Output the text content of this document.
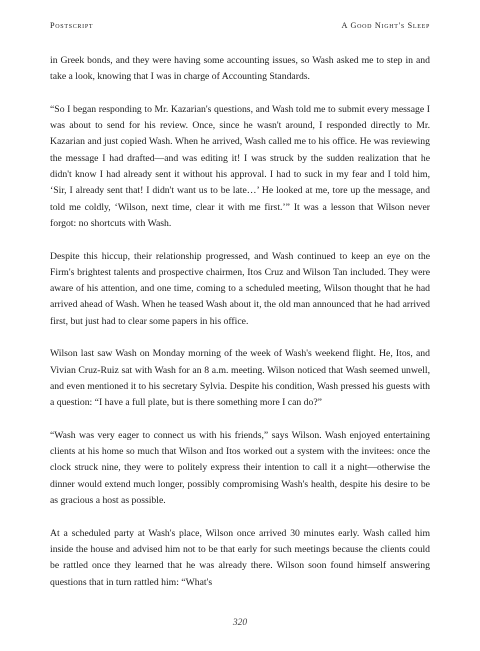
Postscript	A Good Night's Sleep

in Greek bonds, and they were having some accounting issues, so Wash asked me to step in and take a look, knowing that I was in charge of Accounting Standards.

“So I began responding to Mr. Kazarian's questions, and Wash told me to submit every message I was about to send for his review. Once, since he wasn't around, I responded directly to Mr. Kazarian and just copied Wash. When he arrived, Wash called me to his office. He was reviewing the message I had drafted—and was editing it! I was struck by the sudden realization that he didn't know I had already sent it without his approval. I had to suck in my fear and I told him, ‘Sir, I already sent that! I didn't want us to be late…’ He looked at me, tore up the message, and told me coldly, ‘Wilson, next time, clear it with me first.’” It was a lesson that Wilson never forgot: no shortcuts with Wash.

Despite this hiccup, their relationship progressed, and Wash continued to keep an eye on the Firm's brightest talents and prospective chairmen, Itos Cruz and Wilson Tan included. They were aware of his attention, and one time, coming to a scheduled meeting, Wilson thought that he had arrived ahead of Wash. When he teased Wash about it, the old man announced that he had arrived first, but just had to clear some papers in his office.

Wilson last saw Wash on Monday morning of the week of Wash's weekend flight. He, Itos, and Vivian Cruz-Ruiz sat with Wash for an 8 a.m. meeting. Wilson noticed that Wash seemed unwell, and even mentioned it to his secretary Sylvia. Despite his condition, Wash pressed his guests with a question: “I have a full plate, but is there something more I can do?”

“Wash was very eager to connect us with his friends,” says Wilson. Wash enjoyed entertaining clients at his home so much that Wilson and Itos worked out a system with the invitees: once the clock struck nine, they were to politely express their intention to call it a night—otherwise the dinner would extend much longer, possibly compromising Wash's health, despite his desire to be as gracious a host as possible.

At a scheduled party at Wash's place, Wilson once arrived 30 minutes early. Wash called him inside the house and advised him not to be that early for such meetings because the clients could be rattled once they learned that he was already there. Wilson soon found himself answering questions that in turn rattled him: “What's

320
